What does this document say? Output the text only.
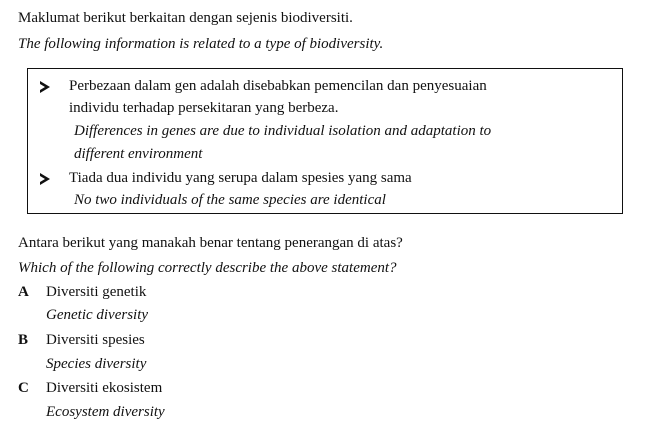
Maklumat berikut berkaitan dengan sejenis biodiversiti.
The following information is related to a type of biodiversity.
Perbezaan dalam gen adalah disebabkan pemencilan dan penyesuaian
individu terhadap persekitaran yang berbeza.
Differences in genes are due to individual isolation and adaptation to
different environment
Tiada dua individu yang serupa dalam spesies yang sama
No two individuals of the same species are identical
Antara berikut yang manakah benar tentang penerangan di atas?
Which of the following correctly describe the above statement?
A Diversiti genetik
Genetic diversity
B Diversiti spesies
Species diversity
C Diversiti ekosistem
Ecosystem diversity
